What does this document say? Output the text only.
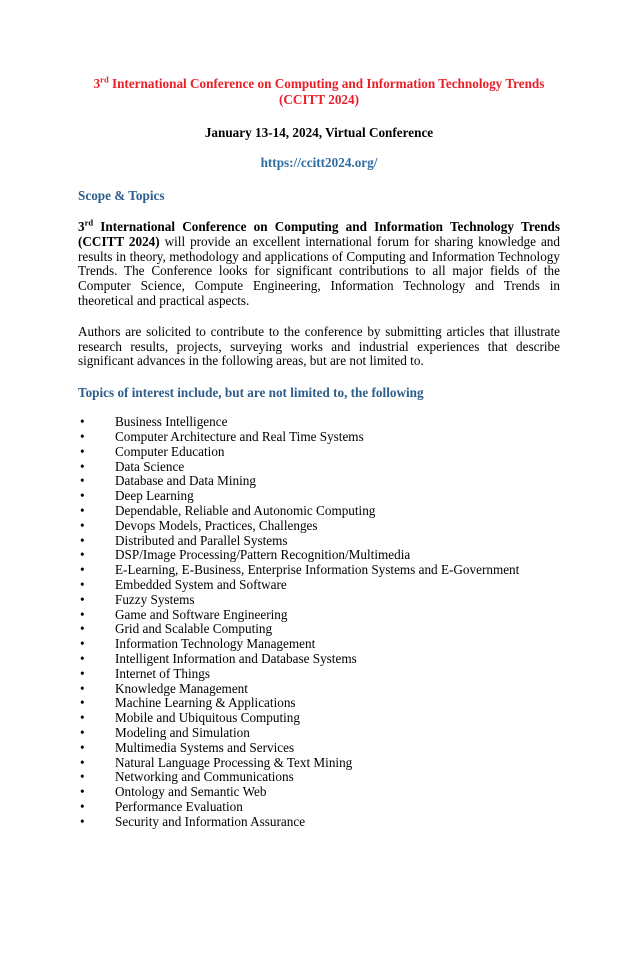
3rd International Conference on Computing and Information Technology Trends
(CCITT 2024)
January 13-14, 2024, Virtual Conference
https://ccitt2024.org/
Scope & Topics

3rd International Conference on Computing and Information Technology Trends (CCITT 2024) will provide an excellent international forum for sharing knowledge and results in theory, methodology and applications of Computing and Information Technology Trends. The Conference looks for significant contributions to all major fields of the Computer Science, Compute Engineering, Information Technology and Trends in theoretical and practical aspects.

Authors are solicited to contribute to the conference by submitting articles that illustrate research results, projects, surveying works and industrial experiences that describe significant advances in the following areas, but are not limited to.

Topics of interest include, but are not limited to, the following
•	Business Intelligence
•	Computer Architecture and Real Time Systems
•	Computer Education
•	Data Science
•	Database and Data Mining
•	Deep Learning
•	Dependable, Reliable and Autonomic Computing
•	Devops Models, Practices, Challenges
•	Distributed and Parallel Systems
•	DSP/Image Processing/Pattern Recognition/Multimedia
•	E-Learning, E-Business, Enterprise Information Systems and E-Government
•	Embedded System and Software
•	Fuzzy Systems
•	Game and Software Engineering
•	Grid and Scalable Computing
•	Information Technology Management
•	Intelligent Information and Database Systems
•	Internet of Things
•	Knowledge Management
•	Machine Learning & Applications
•	Mobile and Ubiquitous Computing
•	Modeling and Simulation
•	Multimedia Systems and Services
•	Natural Language Processing & Text Mining
•	Networking and Communications
•	Ontology and Semantic Web
•	Performance Evaluation
•	Security and Information Assurance
